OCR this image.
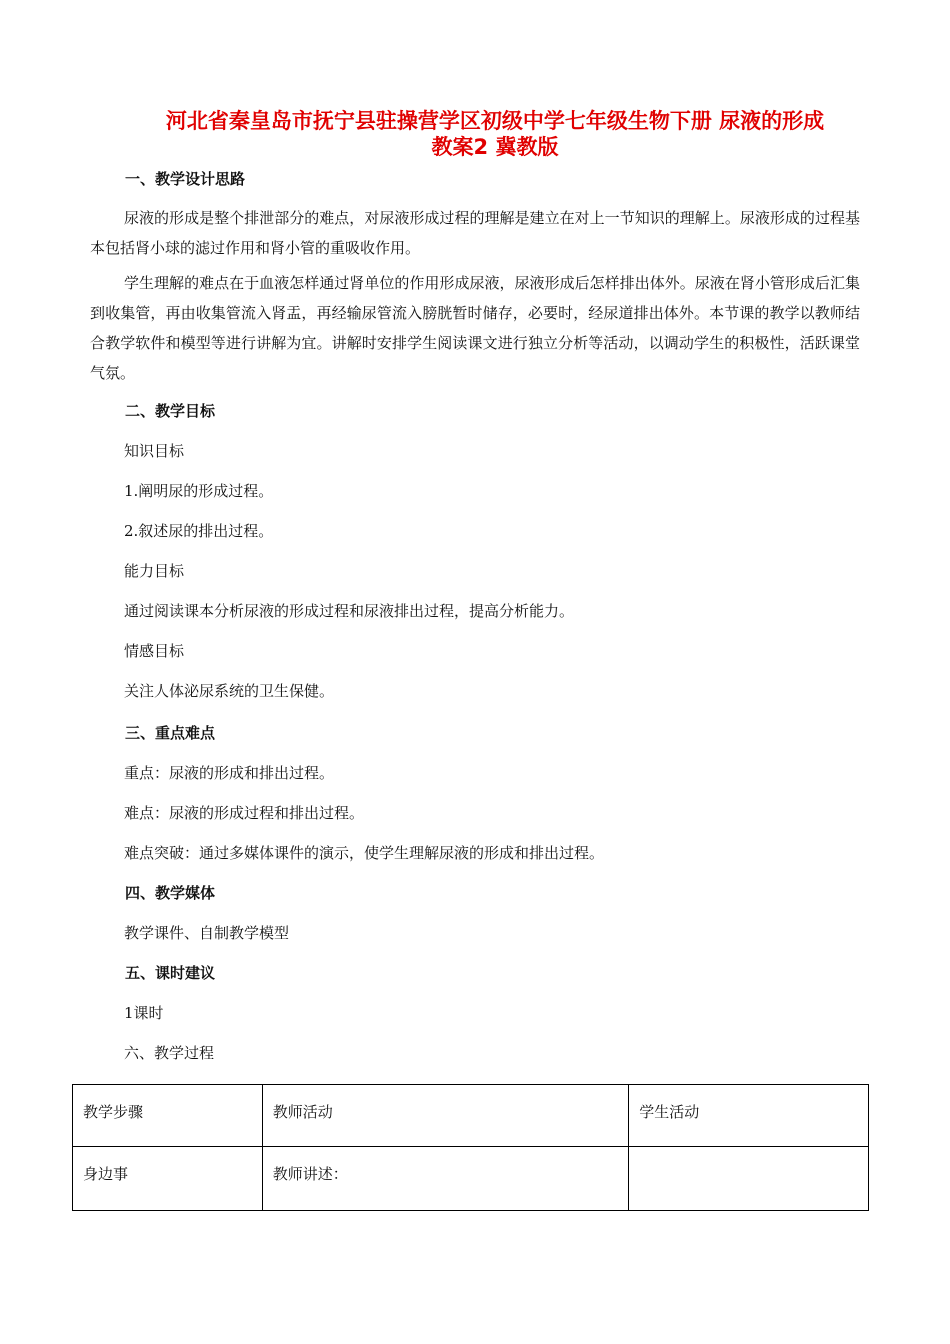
河北省秦皇岛市抚宁县驻操营学区初级中学七年级生物下册 尿液的形成
教案2 冀教版
一、教学设计思路
尿液的形成是整个排泄部分的难点，对尿液形成过程的理解是建立在对上一节知识的理解上。尿液形成的过程基本包括肾小球的滤过作用和肾小管的重吸收作用。
学生理解的难点在于血液怎样通过肾单位的作用形成尿液，尿液形成后怎样排出体外。尿液在肾小管形成后汇集到收集管，再由收集管流入肾盂，再经输尿管流入膀胱暂时储存，必要时，经尿道排出体外。本节课的教学以教师结合教学软件和模型等进行讲解为宜。讲解时安排学生阅读课文进行独立分析等活动，以调动学生的积极性，活跃课堂气氛。
二、教学目标
知识目标
1.阐明尿的形成过程。
2.叙述尿的排出过程。
能力目标
通过阅读课本分析尿液的形成过程和尿液排出过程，提高分析能力。
情感目标
关注人体泌尿系统的卫生保健。
三、重点难点
重点：尿液的形成和排出过程。
难点：尿液的形成过程和排出过程。
难点突破：通过多媒体课件的演示，使学生理解尿液的形成和排出过程。
四、教学媒体
教学课件、自制教学模型
五、课时建议
1课时
六、教学过程
教学步骤	教师活动	学生活动
身边事	教师讲述：	
